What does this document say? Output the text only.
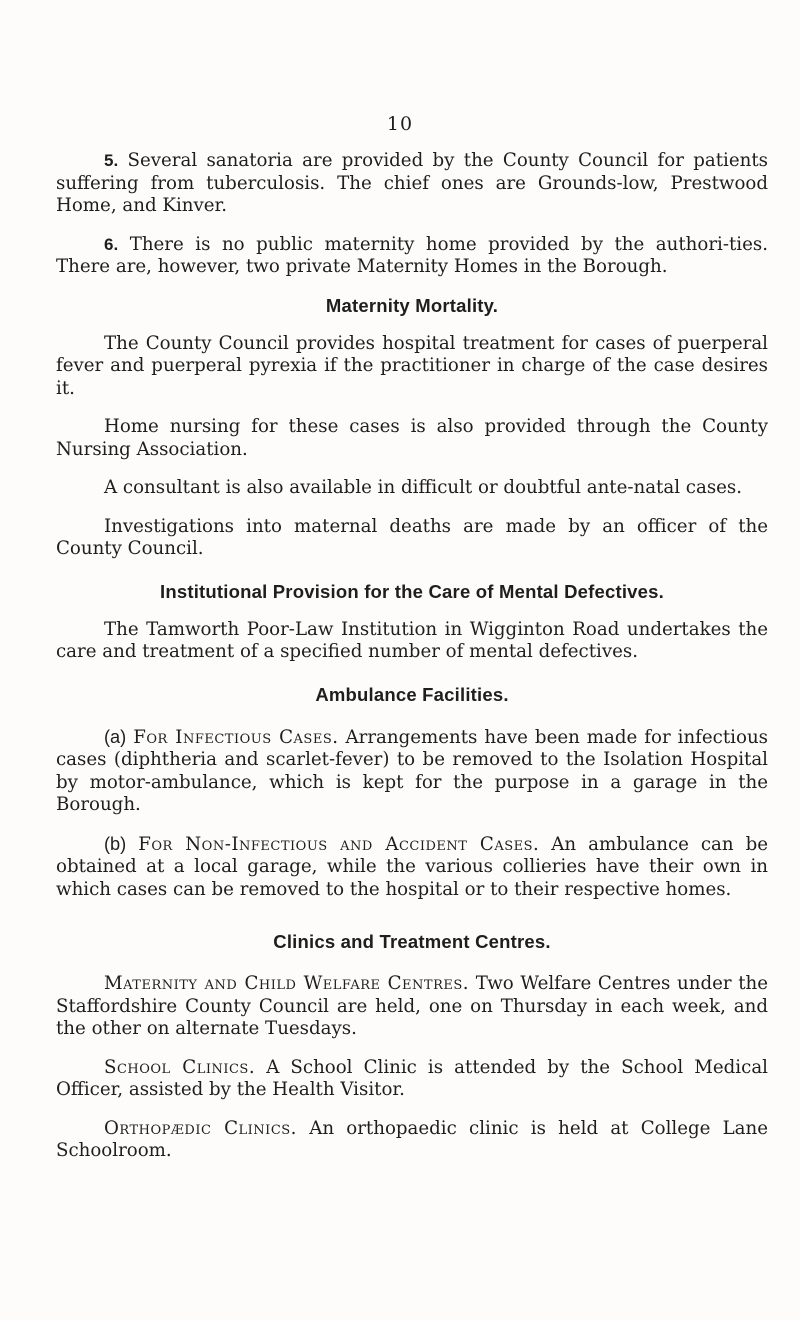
10

5. Several sanatoria are provided by the County Council for patients suffering from tuberculosis. The chief ones are Grounds-low, Prestwood Home, and Kinver.

6. There is no public maternity home provided by the authori-ties. There are, however, two private Maternity Homes in the Borough.

Maternity Mortality.

The County Council provides hospital treatment for cases of puerperal fever and puerperal pyrexia if the practitioner in charge of the case desires it.

Home nursing for these cases is also provided through the County Nursing Association.

A consultant is also available in difficult or doubtful ante-natal cases.

Investigations into maternal deaths are made by an officer of the County Council.

Institutional Provision for the Care of Mental Defectives.

The Tamworth Poor-Law Institution in Wigginton Road undertakes the care and treatment of a specified number of mental defectives.

Ambulance Facilities.

(a) For Infectious Cases. Arrangements have been made for infectious cases (diphtheria and scarlet-fever) to be removed to the Isolation Hospital by motor-ambulance, which is kept for the purpose in a garage in the Borough.

(b) For Non-Infectious and Accident Cases. An ambulance can be obtained at a local garage, while the various collieries have their own in which cases can be removed to the hospital or to their respective homes.

Clinics and Treatment Centres.

Maternity and Child Welfare Centres. Two Welfare Centres under the Staffordshire County Council are held, one on Thursday in each week, and the other on alternate Tuesdays.

School Clinics. A School Clinic is attended by the School Medical Officer, assisted by the Health Visitor.

Orthopædic Clinics. An orthopaedic clinic is held at College Lane Schoolroom.
